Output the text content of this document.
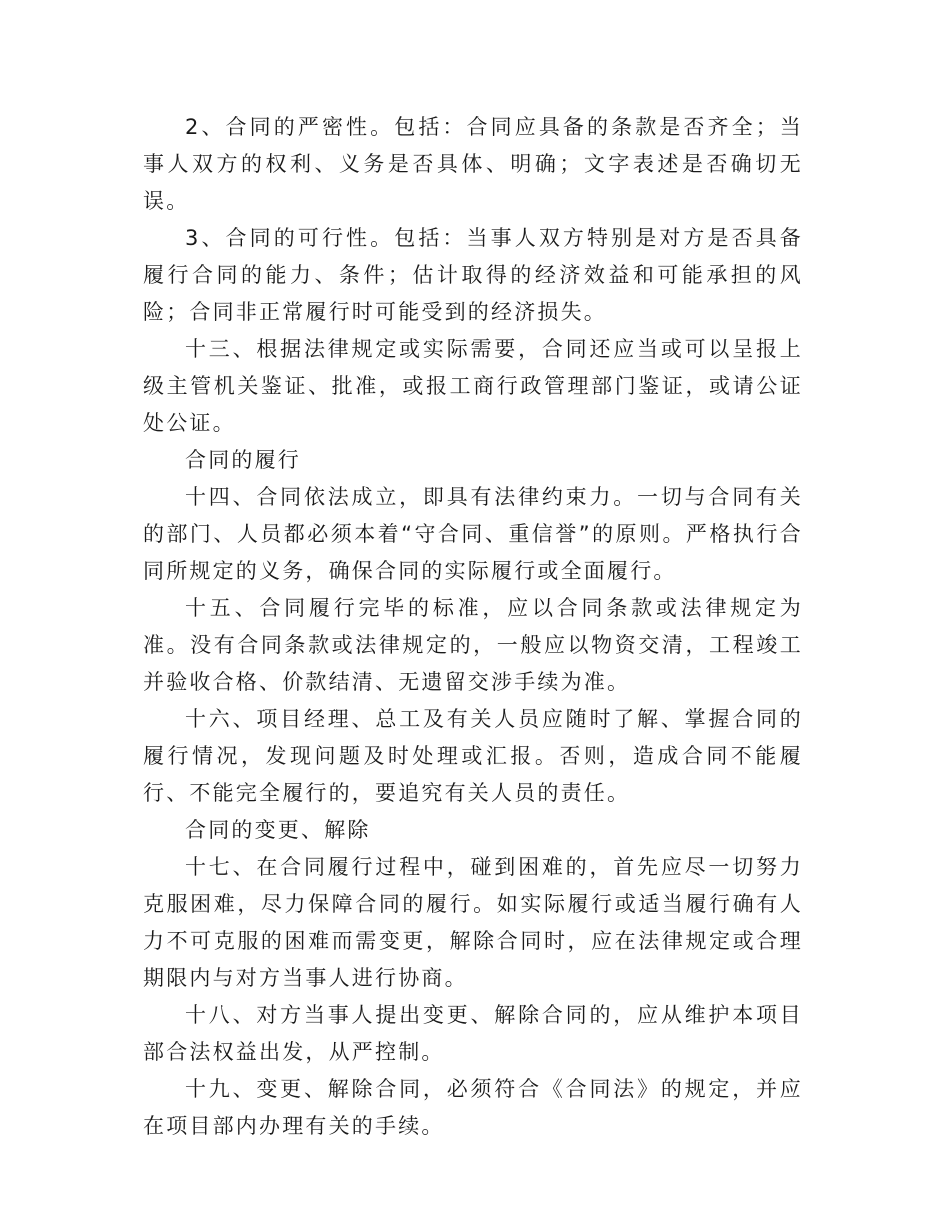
2、合同的严密性。包括：合同应具备的条款是否齐全；当事人双方的权利、义务是否具体、明确；文字表述是否确切无误。

3、合同的可行性。包括：当事人双方特别是对方是否具备履行合同的能力、条件；估计取得的经济效益和可能承担的风险；合同非正常履行时可能受到的经济损失。

十三、根据法律规定或实际需要，合同还应当或可以呈报上级主管机关鉴证、批准，或报工商行政管理部门鉴证，或请公证处公证。

合同的履行

十四、合同依法成立，即具有法律约束力。一切与合同有关的部门、人员都必须本着“守合同、重信誉”的原则。严格执行合同所规定的义务，确保合同的实际履行或全面履行。

十五、合同履行完毕的标准，应以合同条款或法律规定为准。没有合同条款或法律规定的，一般应以物资交清，工程竣工并验收合格、价款结清、无遗留交涉手续为准。

十六、项目经理、总工及有关人员应随时了解、掌握合同的履行情况，发现问题及时处理或汇报。否则，造成合同不能履行、不能完全履行的，要追究有关人员的责任。

合同的变更、解除

十七、在合同履行过程中，碰到困难的，首先应尽一切努力克服困难，尽力保障合同的履行。如实际履行或适当履行确有人力不可克服的困难而需变更，解除合同时，应在法律规定或合理期限内与对方当事人进行协商。

十八、对方当事人提出变更、解除合同的，应从维护本项目部合法权益出发，从严控制。

十九、变更、解除合同，必须符合《合同法》的规定，并应在项目部内办理有关的手续。
